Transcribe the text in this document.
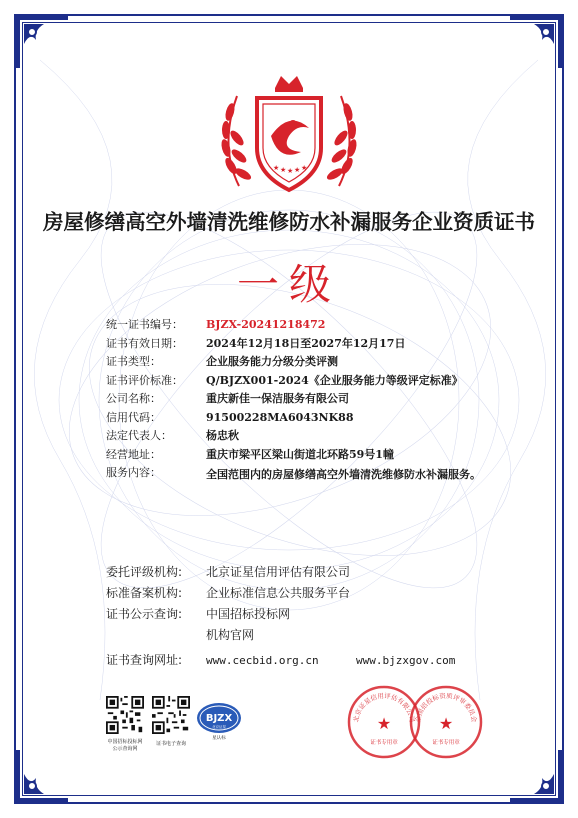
★ ★ ★ ★ ★
房屋修缮高空外墙清洗维修防水补漏服务企业资质证书
一级
统一证书编号：	BJZX-20241218472
证书有效日期：	2024年12月18日至2027年12月17日
证书类型：	企业服务能力分级分类评测
证书评价标准：	Q/BJZX001-2024《企业服务能力等级评定标准》
公司名称：	重庆新佳一保洁服务有限公司
信用代码：	91500228MA6043NK88
法定代表人：	杨忠秋
经营地址：	重庆市梁平区梁山街道北环路59号1幢
服务内容：	全国范围内的房屋修缮高空外墙清洗维修防水补漏服务。
委托评级机构:	北京证星信用评估有限公司
标准备案机构:	企业标准信息公共服务平台
证书公示查询:	中国招标投标网
机构官网
证书查询网址:	www.cecbid.org.cn	www.bjzxgov.com
中国招标投标网
公示查询网
证书电子查询
BJZX
北京证星
星认标
北京证星信用评估有限公司
★
证书专用章
全国招投标资质评审委员会
★
证书专用章
